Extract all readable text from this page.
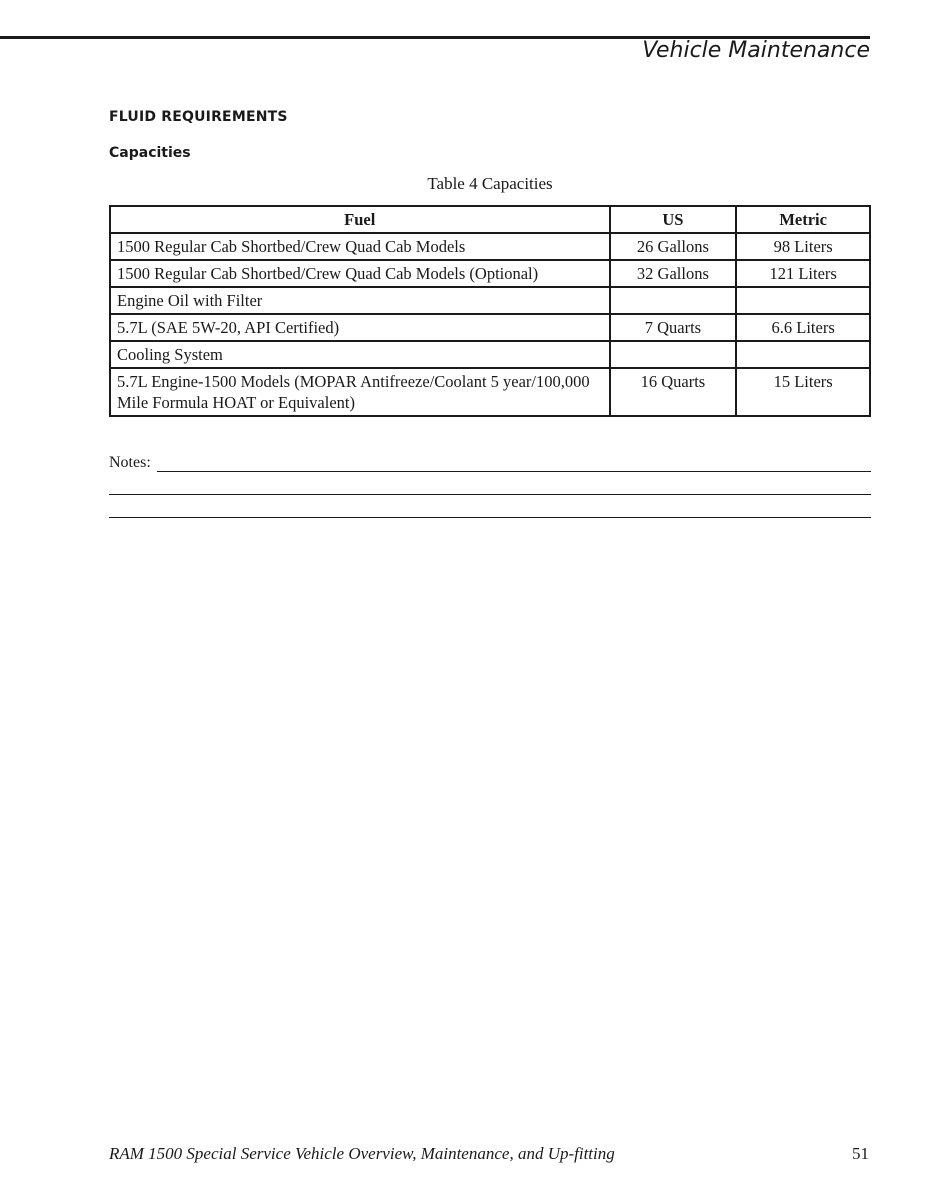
Vehicle Maintenance
FLUID REQUIREMENTS
Capacities
Table 4 Capacities
Fuel	US	Metric
1500 Regular Cab Shortbed/Crew Quad Cab Models	26 Gallons	98 Liters
1500 Regular Cab Shortbed/Crew Quad Cab Models (Optional)	32 Gallons	121 Liters
Engine Oil with Filter		
5.7L (SAE 5W-20, API Certified)	7 Quarts	6.6 Liters
Cooling System		
5.7L Engine-1500 Models (MOPAR Antifreeze/Coolant 5 year/100,000 Mile Formula HOAT or Equivalent)	16 Quarts	15 Liters
Notes:
RAM 1500 Special Service Vehicle Overview, Maintenance, and Up-fitting	51
